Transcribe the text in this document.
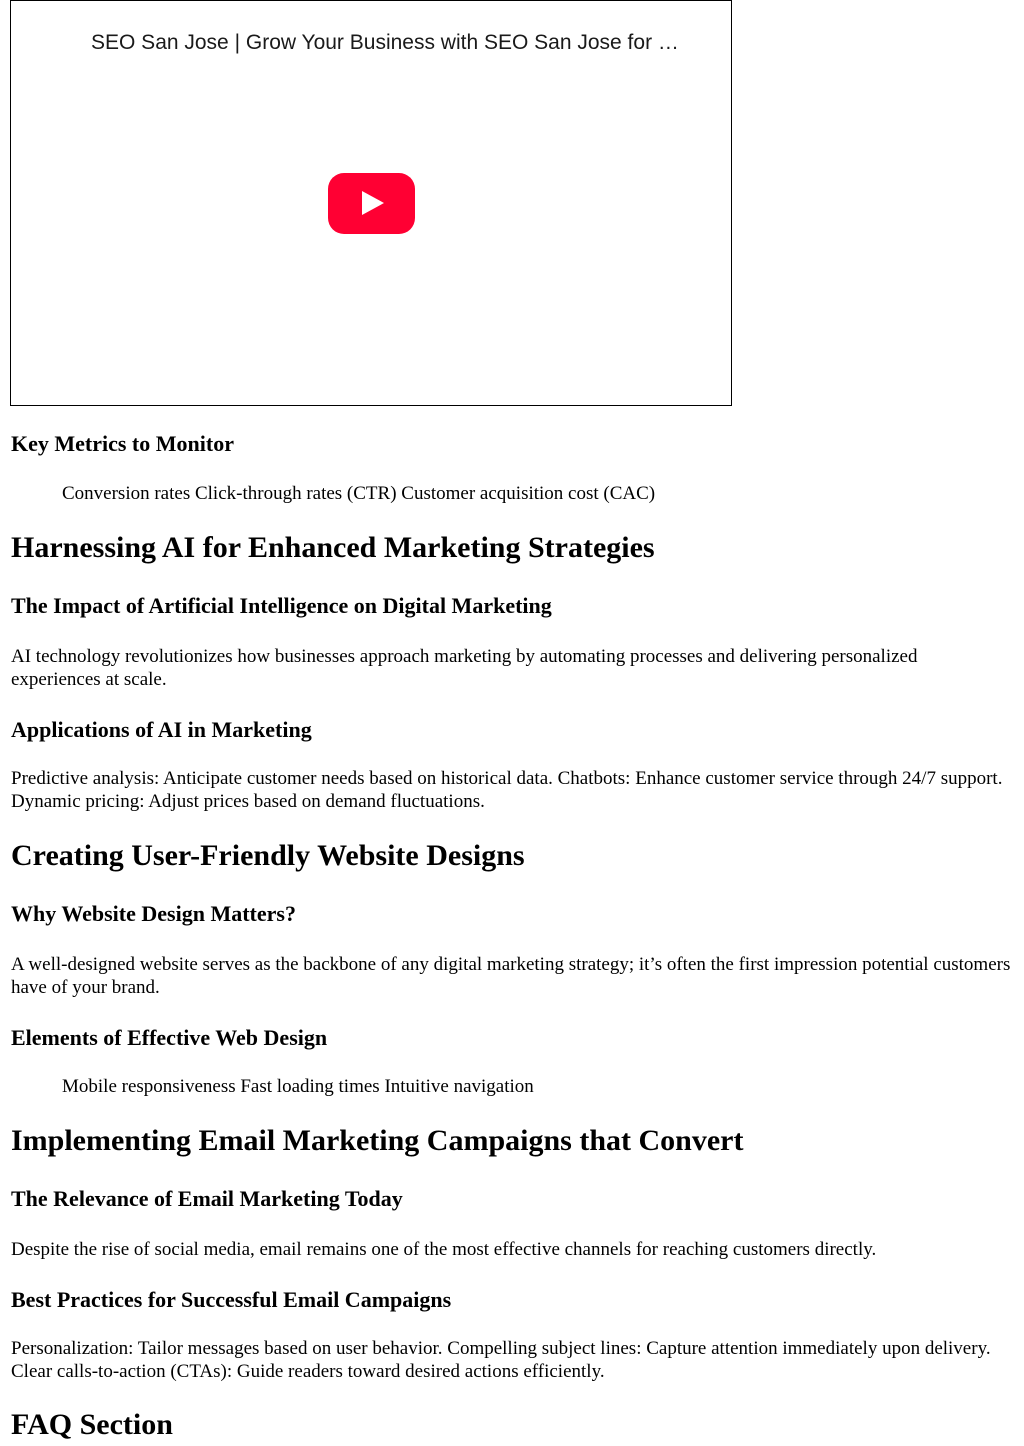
SEO San Jose | Grow Your Business with SEO San Jose for …
Key Metrics to Monitor

Conversion rates Click-through rates (CTR) Customer acquisition cost (CAC)

Harnessing AI for Enhanced Marketing Strategies
The Impact of Artificial Intelligence on Digital Marketing

AI technology revolutionizes how businesses approach marketing by automating processes and delivering personalized experiences at scale.

Applications of AI in Marketing

Predictive analysis: Anticipate customer needs based on historical data. Chatbots: Enhance customer service through 24/7 support. Dynamic pricing: Adjust prices based on demand fluctuations.

Creating User-Friendly Website Designs
Why Website Design Matters?

A well-designed website serves as the backbone of any digital marketing strategy; it’s often the first impression potential customers have of your brand.

Elements of Effective Web Design

Mobile responsiveness Fast loading times Intuitive navigation

Implementing Email Marketing Campaigns that Convert
The Relevance of Email Marketing Today

Despite the rise of social media, email remains one of the most effective channels for reaching customers directly.

Best Practices for Successful Email Campaigns

Personalization: Tailor messages based on user behavior. Compelling subject lines: Capture attention immediately upon delivery. Clear calls-to-action (CTAs): Guide readers toward desired actions efficiently.

FAQ Section
